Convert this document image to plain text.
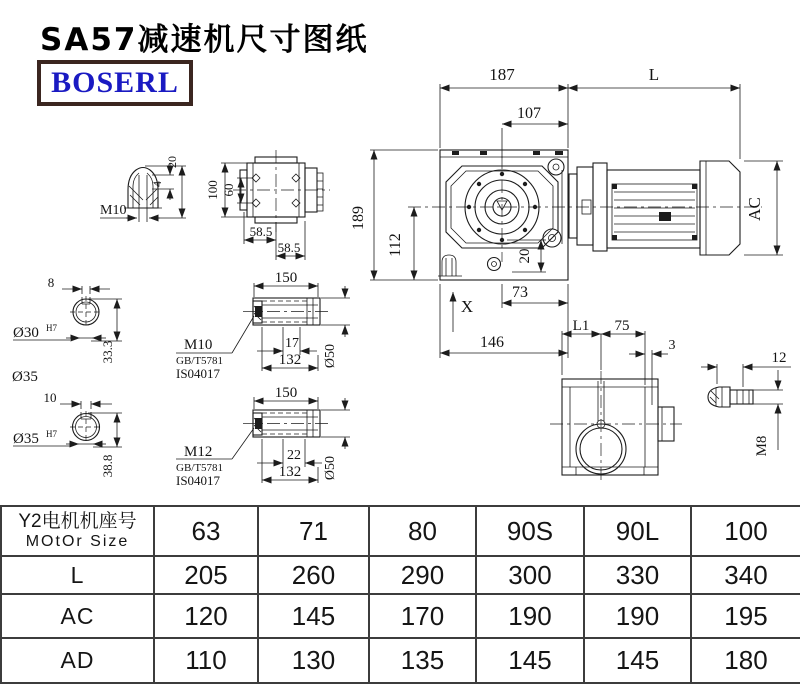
SA57减速机尺寸图纸
BOSERL	187	L
107
189
112	20
AC
73
146
X
L1 75
3
12
M8
M10
4
20
100 60
58.5
58.5
8
Ø30 H7
33.3
Ø35
10
Ø35 H7
38.8
150
17
132 Ø50
M10
GB/T5781
IS04017
150
22
132 Ø50
M12
GB/T5781
IS04017
Y2电机机座号
MOtOr Size	63	71	80	90S	90L	100
L	205	260	290	300	330	340
AC	120	145	170	190	190	195
AD	110	130	135	145	145	180
